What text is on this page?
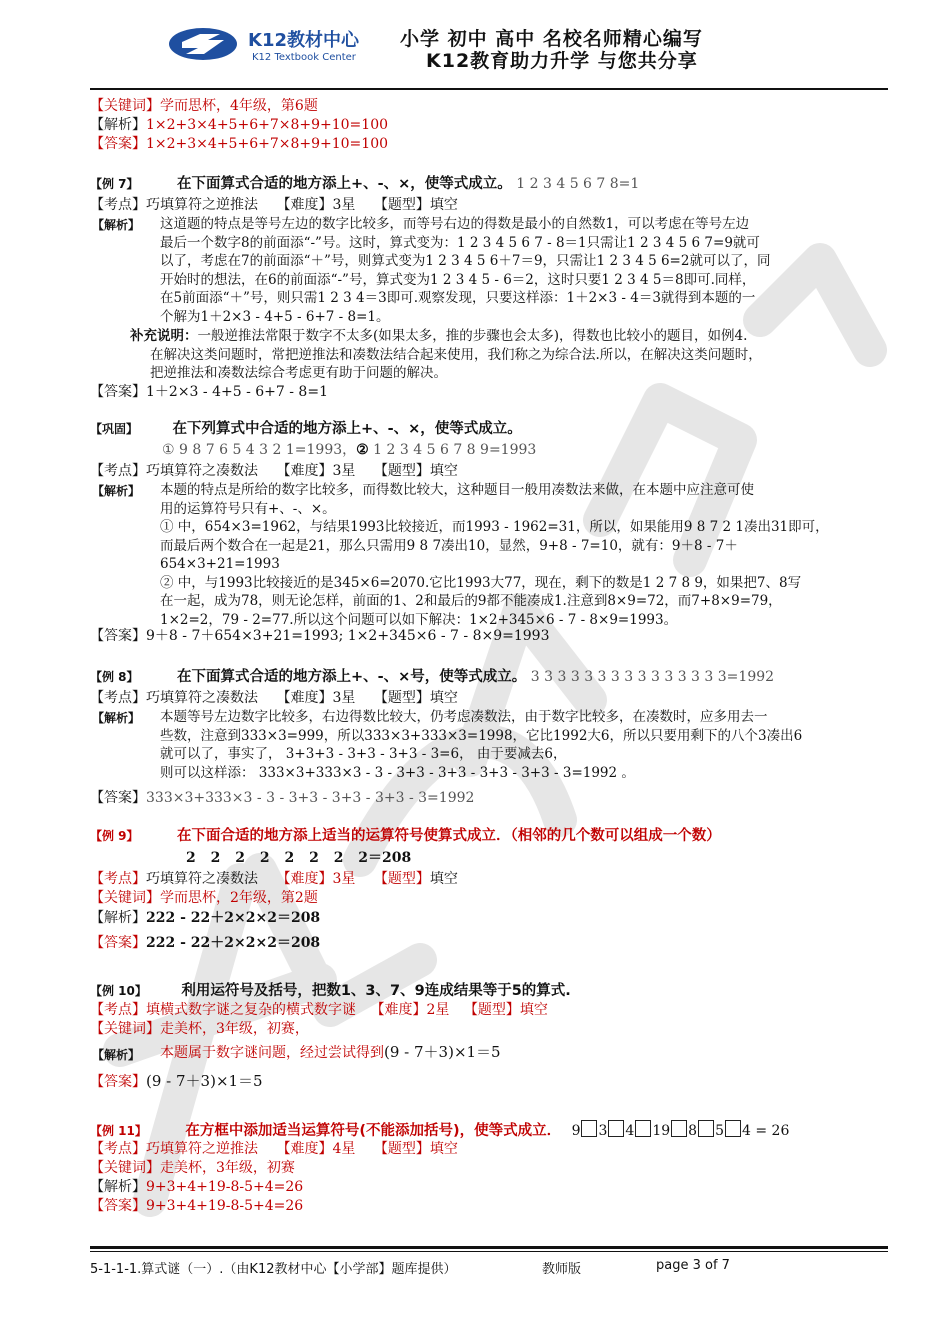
K12教材中心
K12 Textbook Center
小学 初中 高中 名校名师精心编写
K12教育助力升学 与您共分享
【关键词】学而思杯，4年级，第6题
【解析】1×2+3×4+5+6+7×8+9+10=100
【答案】1×2+3×4+5+6+7×8+9+10=100
【例 7】	在下面算式合适的地方添上+、-、×，使等式成立。 1 2 3 4 5 6 7 8=1
【考点】巧填算符之逆推法 【难度】3星 【题型】填空
【解析】 这道题的特点是等号左边的数字比较多，而等号右边的得数是最小的自然数1，可以考虑在等号左边
最后一个数字8的前面添“-”号。这时，算式变为：1 2 3 4 5 6 7 - 8＝1只需让1 2 3 4 5 6 7=9就可
以了，考虑在7的前面添“＋”号，则算式变为1 2 3 4 5 6＋7＝9，只需让1 2 3 4 5 6=2就可以了，同
开始时的想法，在6的前面添“-”号，算式变为1 2 3 4 5 - 6＝2，这时只要1 2 3 4 5＝8即可.同样，
在5前面添“＋”号，则只需1 2 3 4＝3即可.观察发现，只要这样添：1＋2×3 - 4＝3就得到本题的一
个解为1＋2×3 - 4+5 - 6+7 - 8=1。
补充说明：一般逆推法常限于数字不太多(如果太多，推的步骤也会太多)，得数也比较小的题目，如例4.
在解决这类问题时，常把逆推法和凑数法结合起来使用，我们称之为综合法.所以，在解决这类问题时，
把逆推法和凑数法综合考虑更有助于问题的解决。
【答案】1＋2×3 - 4+5 - 6+7 - 8=1
【巩固】 在下列算式中合适的地方添上+、-、×，使等式成立。
① 9 8 7 6 5 4 3 2 1=1993，② 1 2 3 4 5 6 7 8 9=1993
【考点】巧填算符之凑数法 【难度】3星 【题型】填空
【解析】 本题的特点是所给的数字比较多，而得数比较大，这种题目一般用凑数法来做，在本题中应注意可使
用的运算符号只有+、-、×。
① 中，654×3=1962，与结果1993比较接近，而1993 - 1962=31，所以，如果能用9 8 7 2 1凑出31即可，
而最后两个数合在一起是21，那么只需用9 8 7凑出10，显然，9+8 - 7=10，就有：9＋8 - 7＋
654×3+21=1993
② 中，与1993比较接近的是345×6=2070.它比1993大77，现在，剩下的数是1 2 7 8 9，如果把7、8写
在一起，成为78，则无论怎样，前面的1、2和最后的9都不能凑成1.注意到8×9=72，而7+8×9=79，
1×2=2，79 - 2=77.所以这个问题可以如下解决：1×2+345×6 - 7 - 8×9=1993。
【答案】9＋8 - 7＋654×3+21=1993; 1×2+345×6 - 7 - 8×9=1993
【例 8】	在下面算式合适的地方添上+、-、×号，使等式成立。 3 3 3 3 3 3 3 3 3 3 3 3 3 3 3=1992
【考点】巧填算符之凑数法 【难度】3星 【题型】填空
【解析】 本题等号左边数字比较多，右边得数比较大，仍考虑凑数法，由于数字比较多，在凑数时，应多用去一
些数，注意到333×3=999，所以333×3+333×3=1998，它比1992大6，所以只要用剩下的八个3凑出6
就可以了，事实了， 3+3+3 - 3+3 - 3+3 - 3=6， 由于要减去6，
则可以这样添： 333×3+333×3 - 3 - 3+3 - 3+3 - 3+3 - 3+3 - 3=1992 。
【答案】333×3+333×3 - 3 - 3+3 - 3+3 - 3+3 - 3=1992
【例 9】	在下面合适的地方添上适当的运算符号使算式成立．（相邻的几个数可以组成一个数）
2 2 2 2 2 2 2 2＝208
【考点】巧填算符之凑数法 【难度】3星 【题型】填空
【关键词】学而思杯，2年级，第2题
【解析】222 - 22＋2×2×2＝208
【答案】222 - 22＋2×2×2＝208
【例 10】 利用运符号及括号，把数1、3、7、9连成结果等于5的算式.
【考点】填横式数字谜之复杂的横式数字谜 【难度】2星 【题型】填空
【关键词】走美杯，3年级，初赛，
【解析】 本题属于数字谜问题，经过尝试得到(9 - 7＋3)×1＝5
【答案】(9 - 7＋3)×1＝5
【例 11】	在方框中添加适当运算符号(不能添加括号)，使等式成立． 9 3 4 19 8 5 4 = 26
【考点】巧填算符之逆推法 【难度】4星 【题型】填空
【关键词】走美杯，3年级，初赛
【解析】9+3+4+19-8-5+4=26
【答案】9+3+4+19-8-5+4=26
5-1-1-1.算式谜（一）.（由K12教材中心【小学部】题库提供）	教师版	page 3 of 7
